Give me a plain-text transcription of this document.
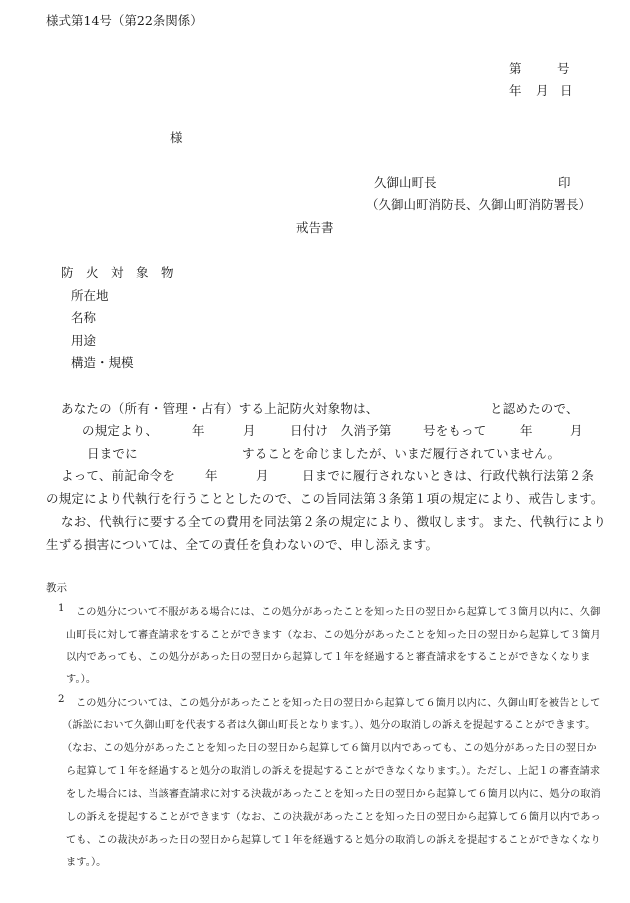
様式第14号（第22条関係）
第	号
年 月 日
様
久御山町長	印
（久御山町消防長、久御山町消防署長）
戒告書
防　火　対　象　物
所在地
名称
用途
構造・規模
あなたの（所有・管理・占有）する上記防火対象物は、	と認めたので、
の規定より、	年	月	日付け　久消予第	号をもって	年	月
日までに	することを命じましたが、いまだ履行されていません。
よって、前記命令を 年	月	日までに履行されないときは、行政代執行法第２条
の規定により代執行を行うこととしたので、この旨同法第３条第１項の規定により、戒告します。
なお、代執行に要する全ての費用を同法第２条の規定により、徴収します。また、代執行により
生ずる損害については、全ての責任を負わないので、申し添えます。
教示
1 この処分について不服がある場合には、この処分があったことを知った日の翌日から起算して３箇月以内に、久御
山町長に対して審査請求をすることができます（なお、この処分があったことを知った日の翌日から起算して３箇月
以内であっても、この処分があった日の翌日から起算して１年を経過すると審査請求をすることができなくなりま
す。）。
2 この処分については、この処分があったことを知った日の翌日から起算して６箇月以内に、久御山町を被告として
（訴訟において久御山町を代表する者は久御山町長となります。）、処分の取消しの訴えを提起することができます。
（なお、この処分があったことを知った日の翌日から起算して６箇月以内であっても、この処分があった日の翌日か
ら起算して１年を経過すると処分の取消しの訴えを提起することができなくなります。）。ただし、上記１の審査請求
をした場合には、当該審査請求に対する決裁があったことを知った日の翌日から起算して６箇月以内に、処分の取消
しの訴えを提起することができます（なお、この決裁があったことを知った日の翌日から起算して６箇月以内であっ
ても、この裁決があった日の翌日から起算して１年を経過すると処分の取消しの訴えを提起することができなくなり
ます。）。
